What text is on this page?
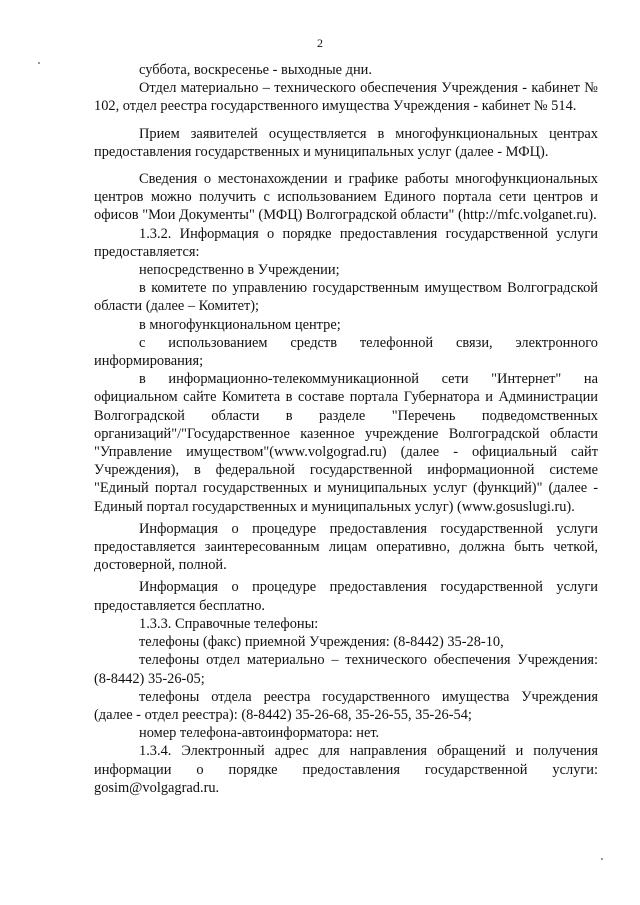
2

суббота, воскресенье - выходные дни.

Отдел материально – технического обеспечения Учреждения - кабинет № 102, отдел реестра государственного имущества Учреждения - кабинет № 514.

Прием заявителей осуществляется в многофункциональных центрах предоставления государственных и муниципальных услуг (далее - МФЦ).

Сведения о местонахождении и графике работы многофункциональных центров можно получить с использованием Единого портала сети центров и офисов "Мои Документы" (МФЦ) Волгоградской области" (http://mfc.volganet.ru).

1.3.2. Информация о порядке предоставления государственной услуги предоставляется:

непосредственно в Учреждении;

в комитете по управлению государственным имуществом Волгоградской области (далее – Комитет);

в многофункциональном центре;

с использованием средств телефонной связи, электронного информирования;

в информационно-телекоммуникационной сети "Интернет" на официальном сайте Комитета в составе портала Губернатора и Администрации Волгоградской области в разделе "Перечень подведомственных организаций"/"Государственное казенное учреждение Волгоградской области "Управление имуществом"(www.volgograd.ru) (далее - официальный сайт Учреждения), в федеральной государственной информационной системе "Единый портал государственных и муниципальных услуг (функций)" (далее - Единый портал государственных и муниципальных услуг) (www.gosuslugi.ru).

Информация о процедуре предоставления государственной услуги предоставляется заинтересованным лицам оперативно, должна быть четкой, достоверной, полной.

Информация о процедуре предоставления государственной услуги предоставляется бесплатно.

1.3.3. Справочные телефоны:

телефоны (факс) приемной Учреждения: (8-8442) 35-28-10,

телефоны отдел материально – технического обеспечения Учреждения: (8-8442) 35-26-05;

телефоны отдела реестра государственного имущества Учреждения (далее - отдел реестра): (8-8442) 35-26-68, 35-26-55, 35-26-54;

номер телефона-автоинформатора: нет.

1.3.4. Электронный адрес для направления обращений и получения информации о порядке предоставления государственной услуги: gosim@volgagrad.ru.
